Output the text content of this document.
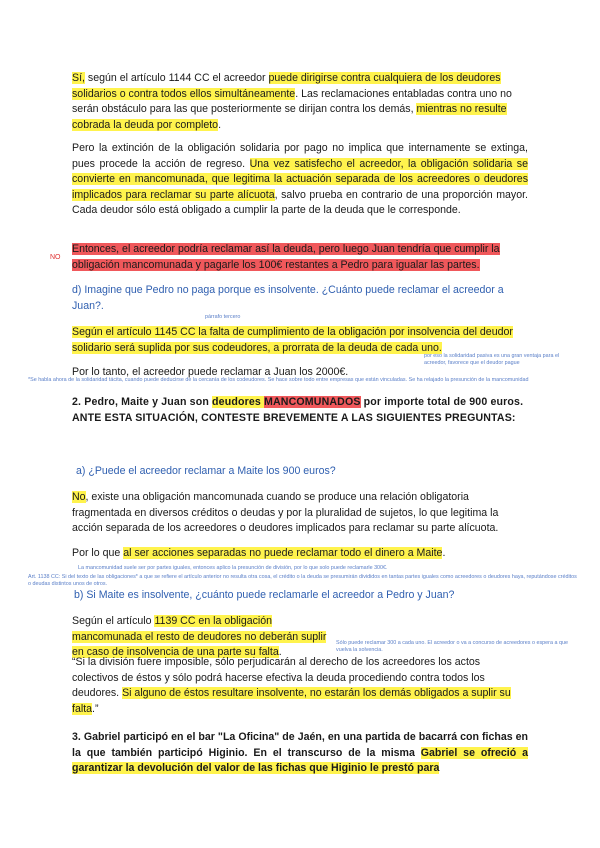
Sí, según el artículo 1144 CC el acreedor puede dirigirse contra cualquiera de los deudores solidarios o contra todos ellos simultáneamente. Las reclamaciones entabladas contra uno no serán obstáculo para las que posteriormente se dirijan contra los demás, mientras no resulte cobrada la deuda por completo.
Pero la extinción de la obligación solidaria por pago no implica que internamente se extinga, pues procede la acción de regreso. Una vez satisfecho el acreedor, la obligación solidaria se convierte en mancomunada, que legitima la actuación separada de los acreedores o deudores implicados para reclamar su parte alícuota, salvo prueba en contrario de una proporción mayor. Cada deudor sólo está obligado a cumplir la parte de la deuda que le corresponde.
NO
Entonces, el acreedor podría reclamar así la deuda, pero luego Juan tendría que cumplir la obligación mancomunada y pagarle los 100€ restantes a Pedro para igualar las partes.
d) Imagine que Pedro no paga porque es insolvente. ¿Cuánto puede reclamar el acreedor a Juan?.
párrafo tercero
Según el artículo 1145 CC la falta de cumplimiento de la obligación por insolvencia del deudor solidario será suplida por sus codeudores, a prorrata de la deuda de cada uno.
por eso la solidaridad pasiva es una gran ventaja para el acreedor, favorece que el deudor pague
Por lo tanto, el acreedor puede reclamar a Juan los 2000€.
*Se habla ahora de la solidaridad tácita, cuando puede deducirse de la cercanía de los codeudores. Se hace sobre todo entre empresas que están vinculadas. Se ha relajado la presunción de la mancomunidad
2. Pedro, Maite y Juan son deudores MANCOMUNADOS por importe total de 900 euros. ANTE ESTA SITUACIÓN, CONTESTE BREVEMENTE A LAS SIGUIENTES PREGUNTAS:
a) ¿Puede el acreedor reclamar a Maite los 900 euros?
No, existe una obligación mancomunada cuando se produce una relación obligatoria fragmentada en diversos créditos o deudas y por la pluralidad de sujetos, lo que legitima la acción separada de los acreedores o deudores implicados para reclamar su parte alícuota.
Por lo que al ser acciones separadas no puede reclamar todo el dinero a Maite.
La mancomunidad suele ser por partes iguales, entonces aplico la presunción de división, por lo que solo puede reclamarle 300€.
Art. 1138 CC: Si del texto de las obligaciones* a que se refiere el artículo anterior no resulta otra cosa, el crédito o la deuda se presumirán divididos en tantas partes iguales como acreedores o deudores haya, reputándose créditos o deudas distintos unos de otros.
b) Si Maite es insolvente, ¿cuánto puede reclamarle el acreedor a Pedro y Juan?
Según el artículo 1139 CC en la obligación mancomunada el resto de deudores no deberán suplir en caso de insolvencia de una parte su falta.
Sólo puede reclamar 300 a cada uno. El acreedor o va a concurso de acreedores o espera a que vuelva la solvencia.
“Si la división fuere imposible, sólo perjudicarán al derecho de los acreedores los actos colectivos de éstos y sólo podrá hacerse efectiva la deuda procediendo contra todos los deudores. Si alguno de éstos resultare insolvente, no estarán los demás obligados a suplir su falta.”
3. Gabriel participó en el bar "La Oficina" de Jaén, en una partida de bacarrá con fichas en la que también participó Higinio. En el transcurso de la misma Gabriel se ofreció a garantizar la devolución del valor de las fichas que Higinio le prestó para
